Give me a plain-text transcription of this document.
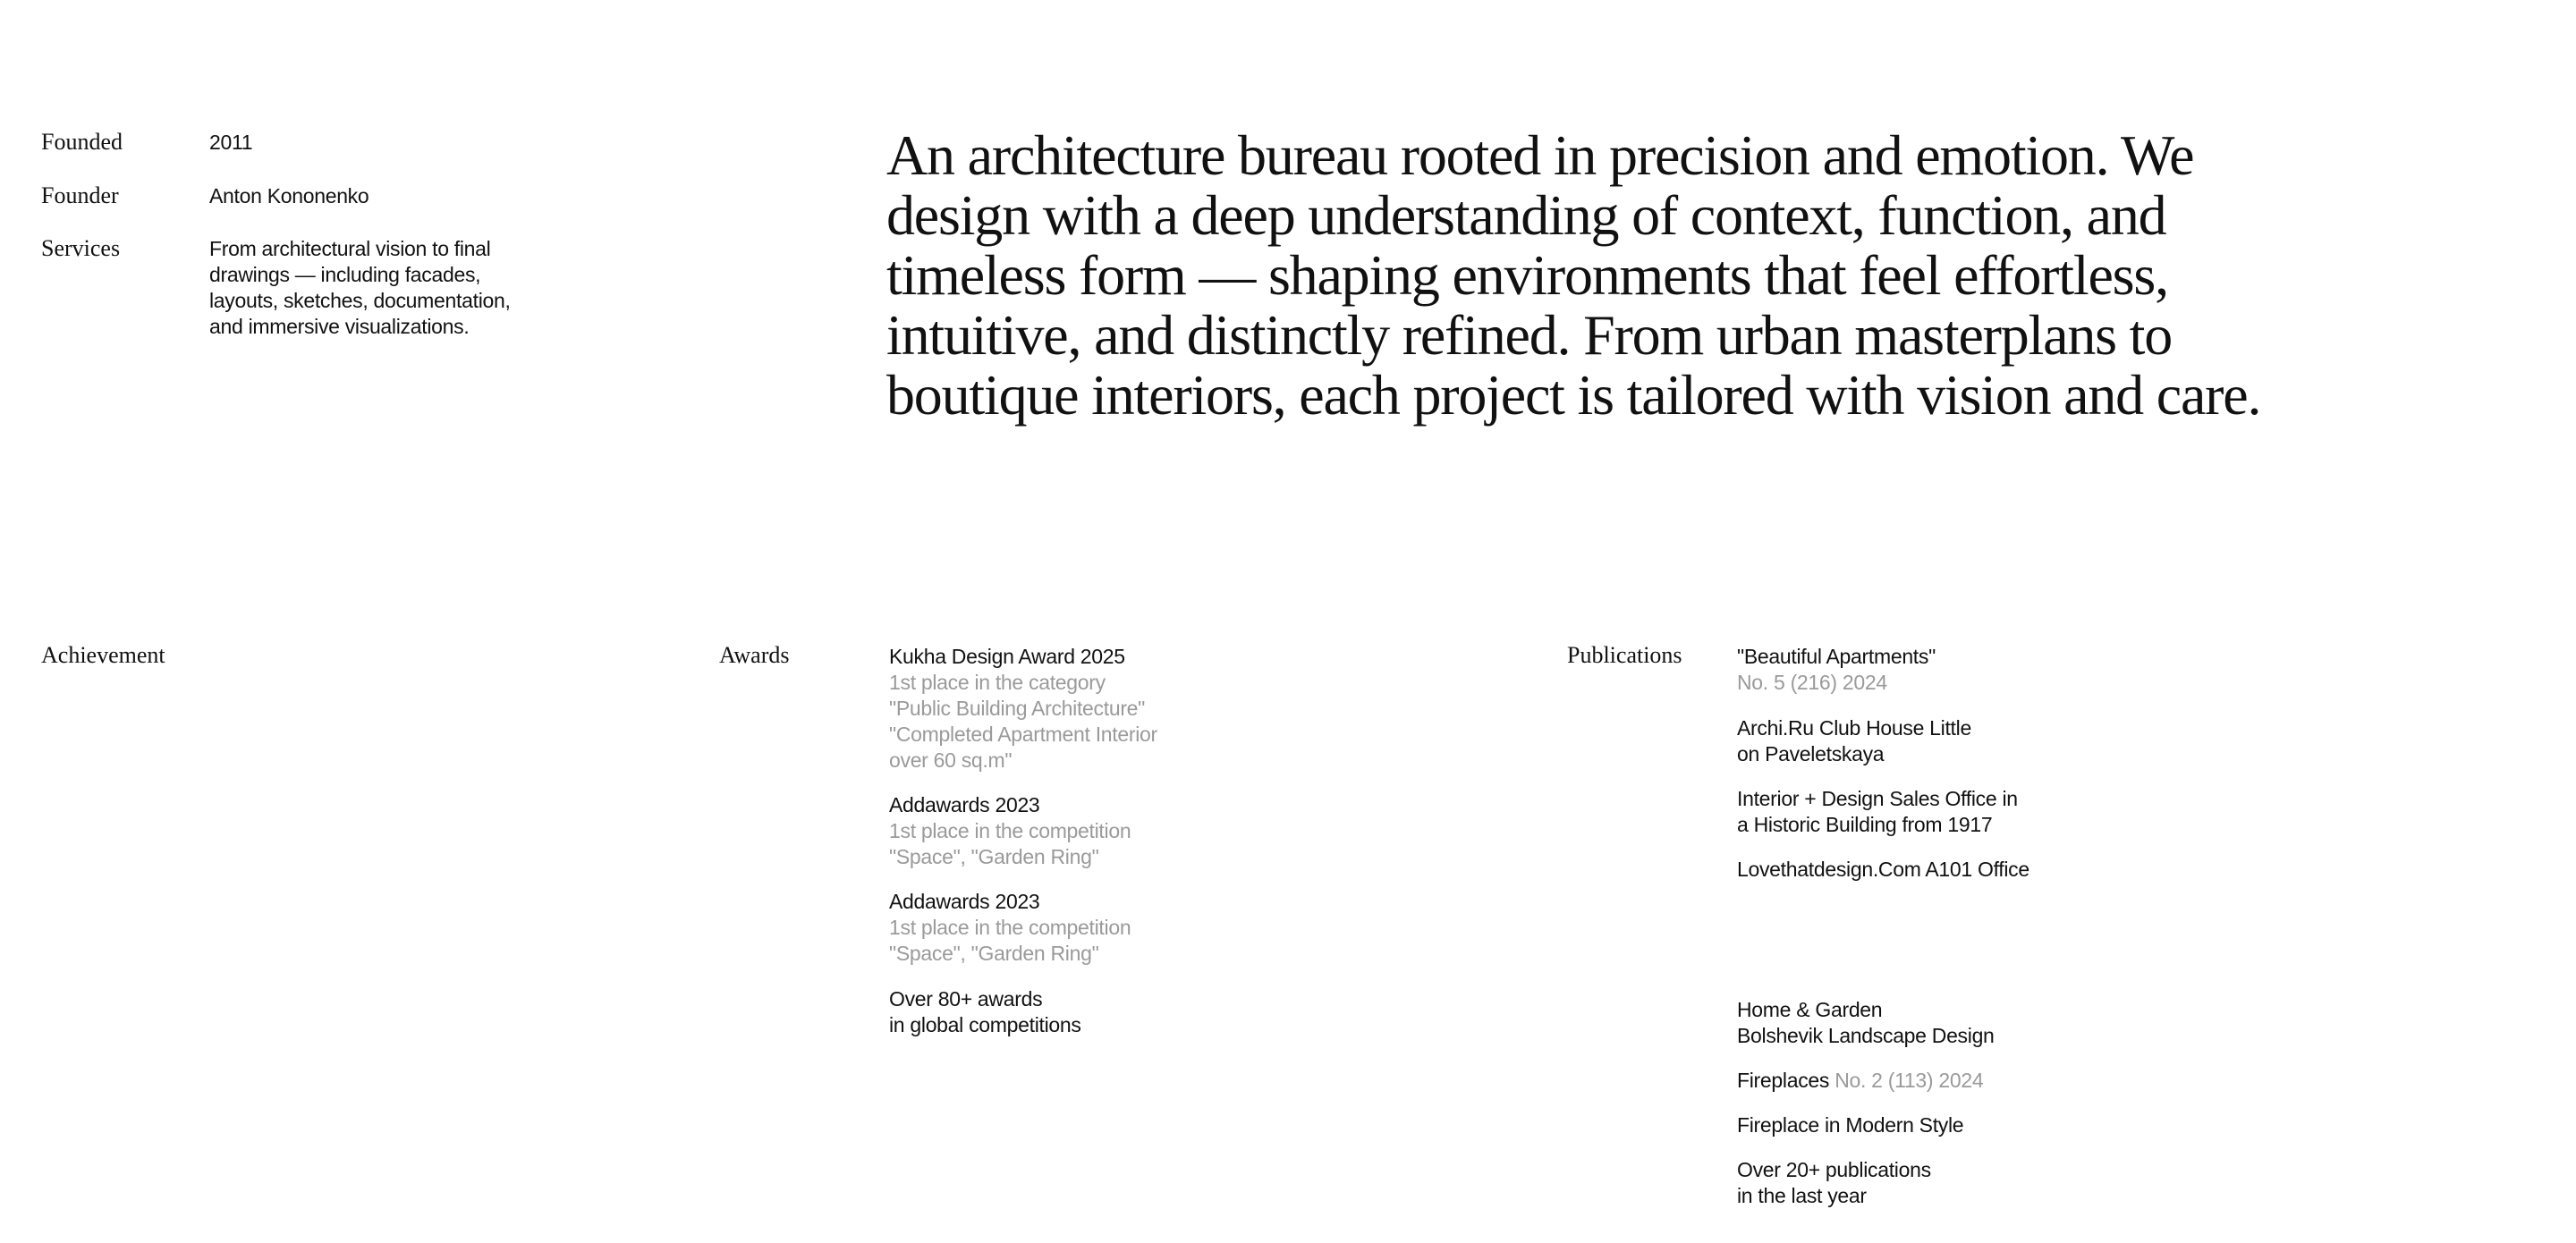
Founded	2011
Founder	Anton Kononenko
Services	From architectural vision to final
drawings — including facades,
layouts, sketches, documentation,
and immersive visualizations.
An architecture bureau rooted in precision and emotion. We
design with a deep understanding of context, function, and
timeless form — shaping environments that feel effortless,
intuitive, and distinctly refined. From urban masterplans to
boutique interiors, each project is tailored with vision and care.
Achievement	Awards	Kukha Design Award 2025
1st place in the category
"Public Building Architecture"
"Completed Apartment Interior
over 60 sq.m"
Addawards 2023
1st place in the competition
"Space", "Garden Ring"
Addawards 2023
1st place in the competition
"Space", "Garden Ring"
Over 80+ awards
in global competitions
Publications	"Beautiful Apartments"
No. 5 (216) 2024
Archi.Ru Club House Little
on Paveletskaya
Interior + Design Sales Office in
a Historic Building from 1917
Lovethatdesign.Com A101 Office
Home & Garden
Bolshevik Landscape Design
Fireplaces No. 2 (113) 2024
Fireplace in Modern Style
Over 20+ publications
in the last year
